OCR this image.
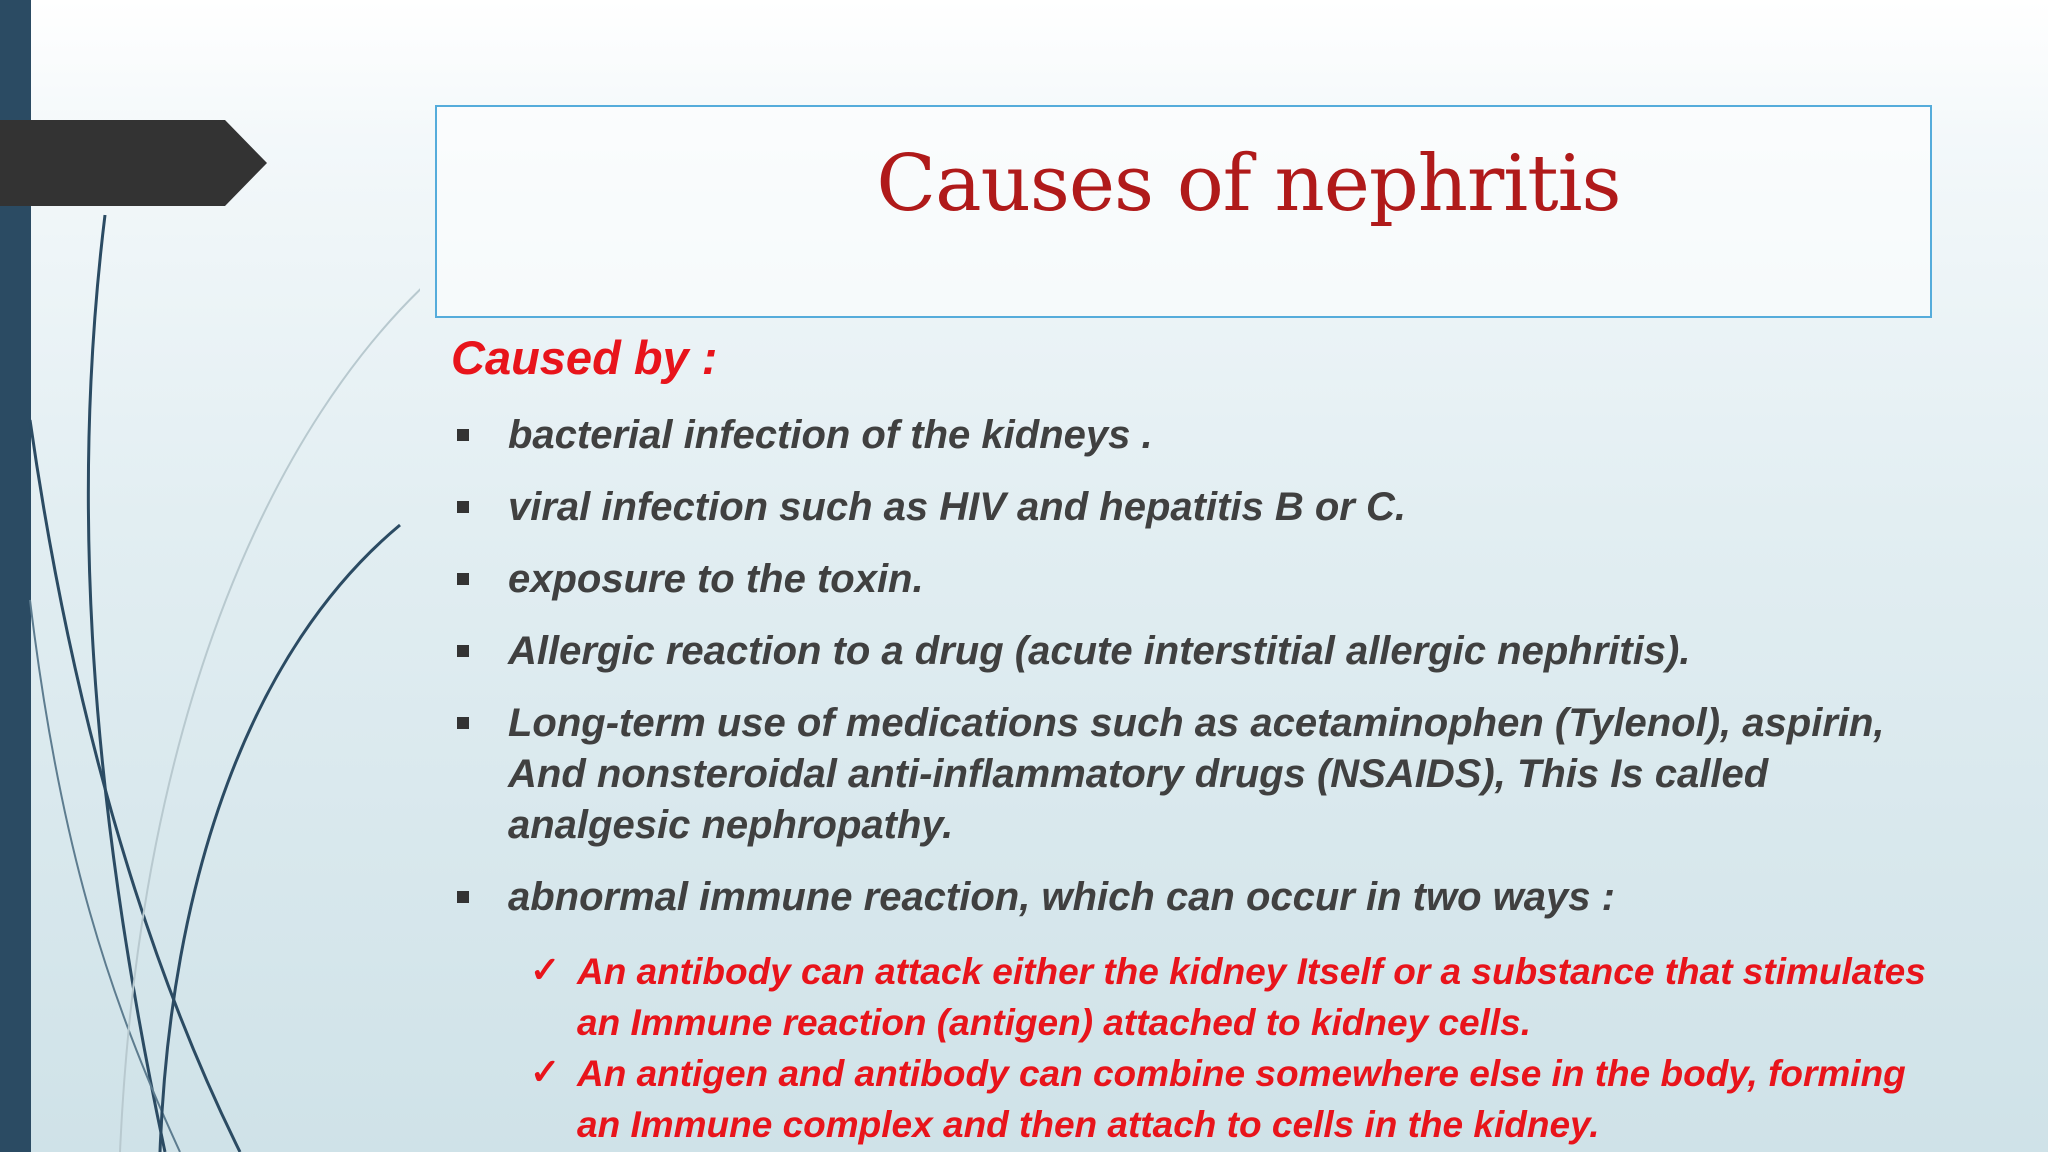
Causes of nephritis
Caused by :
bacterial infection of the kidneys .
viral infection such as HIV and hepatitis B or C.
exposure to the toxin.
Allergic reaction to a drug (acute interstitial allergic nephritis).
Long-term use of medications such as acetaminophen (Tylenol), aspirin, And nonsteroidal anti-inflammatory drugs (NSAIDS), This Is called analgesic nephropathy.
abnormal immune reaction, which can occur in two ways :
✓ An antibody can attack either the kidney Itself or a substance that stimulates an Immune reaction (antigen) attached to kidney cells.
✓ An antigen and antibody can combine somewhere else in the body, forming an Immune complex and then attach to cells in the kidney.
